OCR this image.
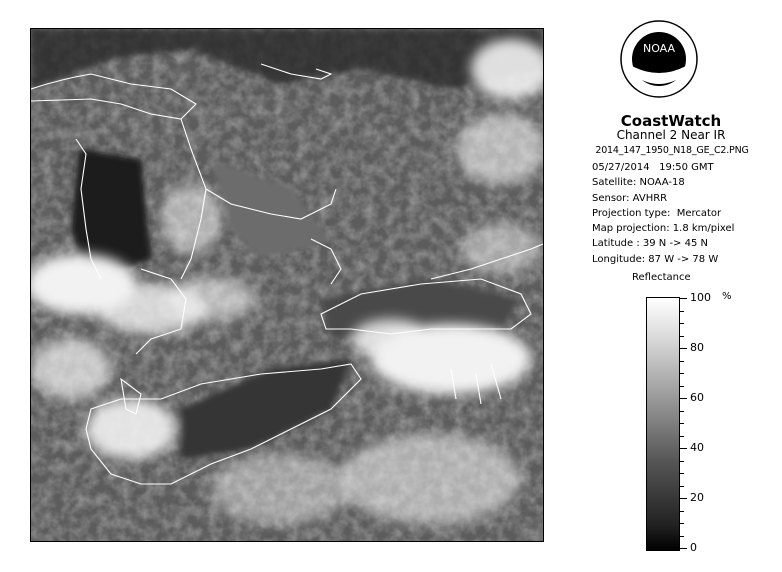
NOAA
CoastWatch
Channel 2 Near IR
2014_147_1950_N18_GE_C2.PNG
05/27/2014   19:50 GMT
Satellite: NOAA-18
Sensor: AVHRR
Projection type:  Mercator
Map projection: 1.8 km/pixel
Latitude : 39 N -> 45 N
Longitude: 87 W -> 78 W
Reflectance
%
100
80
60
40
20
0
